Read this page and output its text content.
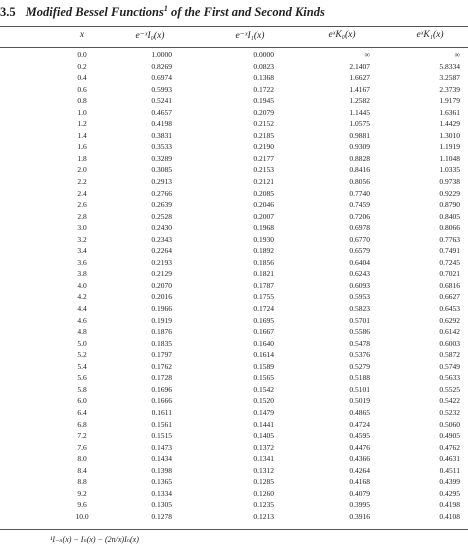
3.5 Modified Bessel Functions$^1$ of the First and Second Kinds
x	e⁻ˣI₀(x)	e⁻ˣI₁(x)	eˣK₀(x)	eˣK₁(x)
0.0	1.0000	0.0000	∞	∞
0.2	0.8269	0.0823	2.1407	5.8334
0.4	0.6974	0.1368	1.6627	3.2587
0.6	0.5993	0.1722	1.4167	2.3739
0.8	0.5241	0.1945	1.2582	1.9179
1.0	0.4657	0.2079	1.1445	1.6361
1.2	0.4198	0.2152	1.0575	1.4429
1.4	0.3831	0.2185	0.9881	1.3010
1.6	0.3533	0.2190	0.9309	1.1919
1.8	0.3289	0.2177	0.8828	1.1048
2.0	0.3085	0.2153	0.8416	1.0335
2.2	0.2913	0.2121	0.8056	0.9738
2.4	0.2766	0.2085	0.7740	0.9229
2.6	0.2639	0.2046	0.7459	0.8790
2.8	0.2528	0.2007	0.7206	0.8405
3.0	0.2430	0.1968	0.6978	0.8066
3.2	0.2343	0.1930	0.6770	0.7763
3.4	0.2264	0.1892	0.6579	0.7491
3.6	0.2193	0.1856	0.6404	0.7245
3.8	0.2129	0.1821	0.6243	0.7021
4.0	0.2070	0.1787	0.6093	0.6816
4.2	0.2016	0.1755	0.5953	0.6627
4.4	0.1966	0.1724	0.5823	0.6453
4.6	0.1919	0.1695	0.5701	0.6292
4.8	0.1876	0.1667	0.5586	0.6142
5.0	0.1835	0.1640	0.5478	0.6003
5.2	0.1797	0.1614	0.5376	0.5872
5.4	0.1762	0.1589	0.5279	0.5749
5.6	0.1728	0.1565	0.5188	0.5633
5.8	0.1696	0.1542	0.5101	0.5525
6.0	0.1666	0.1520	0.5019	0.5422
6.4	0.1611	0.1479	0.4865	0.5232
6.8	0.1561	0.1441	0.4724	0.5060
7.2	0.1515	0.1405	0.4595	0.4905
7.6	0.1473	0.1372	0.4476	0.4762
8.0	0.1434	0.1341	0.4366	0.4631
8.4	0.1398	0.1312	0.4264	0.4511
8.8	0.1365	0.1285	0.4168	0.4399
9.2	0.1334	0.1260	0.4079	0.4295
9.6	0.1305	0.1235	0.3995	0.4198
10.0	0.1278	0.1213	0.3916	0.4108
¹I₋ₙ(x) − Iₙ(x) − (2n/x)Iₙ(x)
